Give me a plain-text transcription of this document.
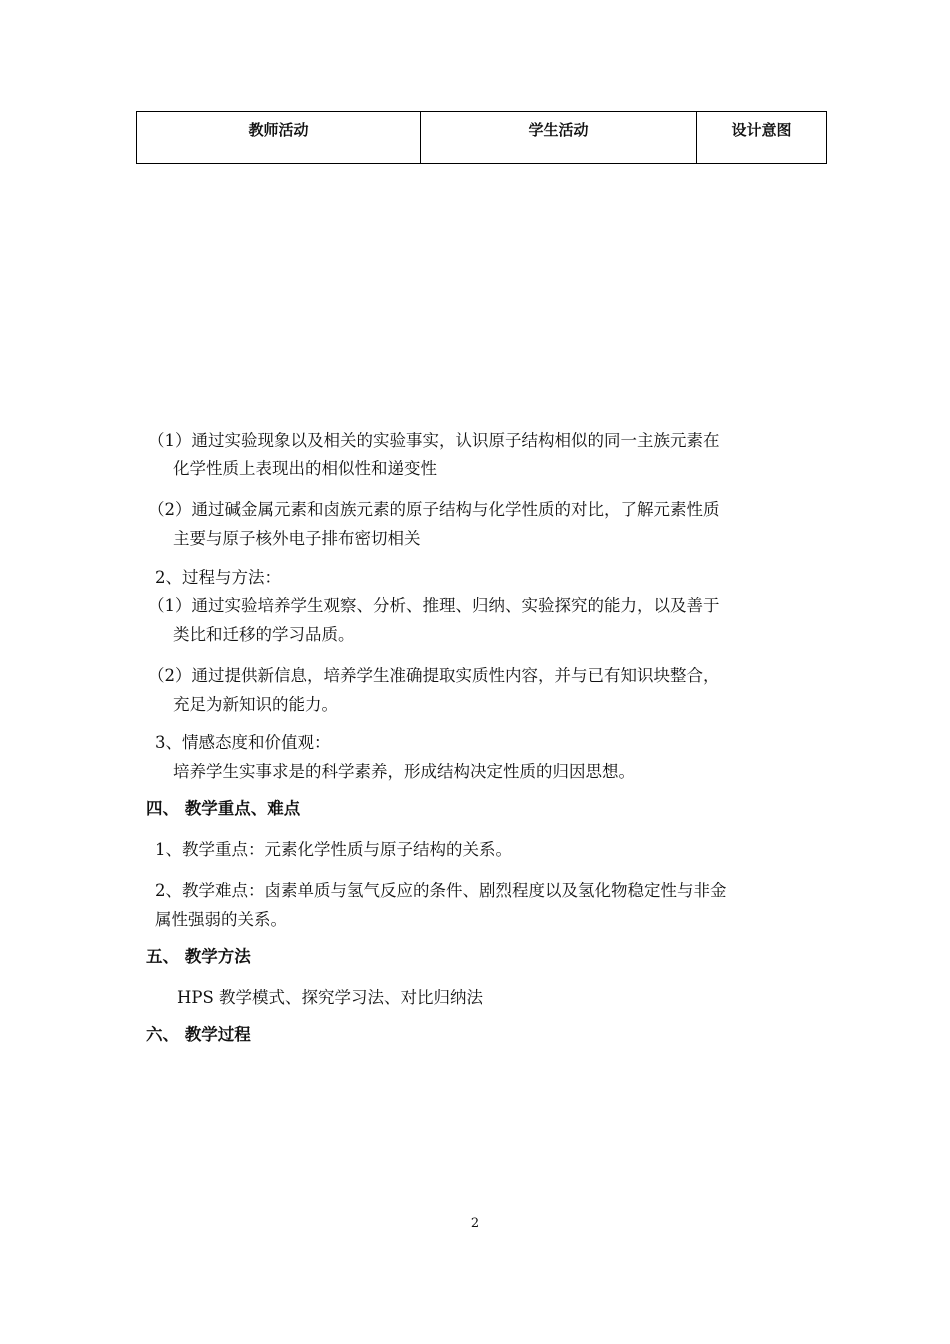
教师活动	学生活动	设计意图
（1）通过实验现象以及相关的实验事实，认识原子结构相似的同一主族元素在
化学性质上表现出的相似性和递变性
（2）通过碱金属元素和卤族元素的原子结构与化学性质的对比，了解元素性质
主要与原子核外电子排布密切相关
2、过程与方法：
（1）通过实验培养学生观察、分析、推理、归纳、实验探究的能力，以及善于
类比和迁移的学习品质。
（2）通过提供新信息，培养学生准确提取实质性内容，并与已有知识块整合，
充足为新知识的能力。
3、情感态度和价值观：
培养学生实事求是的科学素养，形成结构决定性质的归因思想。
四、 教学重点、难点
1、教学重点：元素化学性质与原子结构的关系。
2、教学难点：卤素单质与氢气反应的条件、剧烈程度以及氢化物稳定性与非金
属性强弱的关系。
五、 教学方法
HPS 教学模式、探究学习法、对比归纳法
六、 教学过程
2
